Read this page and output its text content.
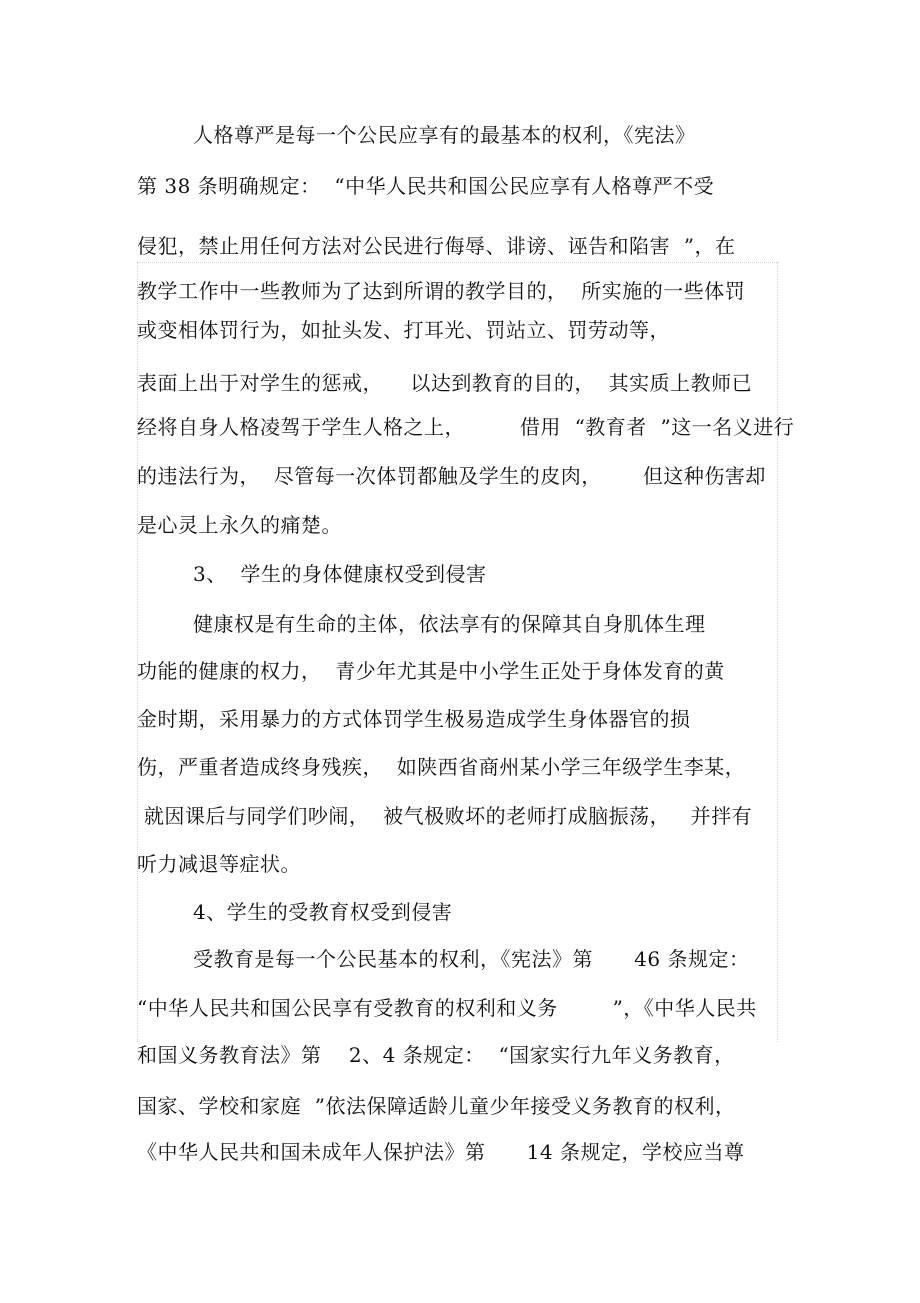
人格尊严是每一个公民应享有的最基本的权利，《宪法》
第 38 条明确规定：  “中华人民共和国公民应享有人格尊严不受
侵犯，禁止用任何方法对公民进行侮辱、诽谤、诬告和陷害  ”，在
教学工作中一些教师为了达到所谓的教学目的，  所实施的一些体罚
或变相体罚行为，如扯头发、打耳光、罚站立、罚劳动等，
表面上出于对学生的惩戒，    以达到教育的目的，  其实质上教师已
经将自身人格凌驾于学生人格之上，        借用  “教育者  ”这一名义进行
的违法行为，  尽管每一次体罚都触及学生的皮肉，      但这种伤害却
是心灵上永久的痛楚。
3、  学生的身体健康权受到侵害
健康权是有生命的主体，依法享有的保障其自身肌体生理
功能的健康的权力，  青少年尤其是中小学生正处于身体发育的黄
金时期，采用暴力的方式体罚学生极易造成学生身体器官的损
伤，严重者造成终身残疾，  如陕西省商州某小学三年级学生李某，
就因课后与同学们吵闹，  被气极败坏的老师打成脑振荡，   并拌有
听力减退等症状。
4、学生的受教育权受到侵害
受教育是每一个公民基本的权利，《宪法》第      46 条规定：
“中华人民共和国公民享有受教育的权利和义务        ”，《中华人民共
和国义务教育法》第    2、4 条规定：  “国家实行九年义务教育，
国家、学校和家庭  ”依法保障适龄儿童少年接受义务教育的权利，
《中华人民共和国未成年人保护法》第      14 条规定，学校应当尊
